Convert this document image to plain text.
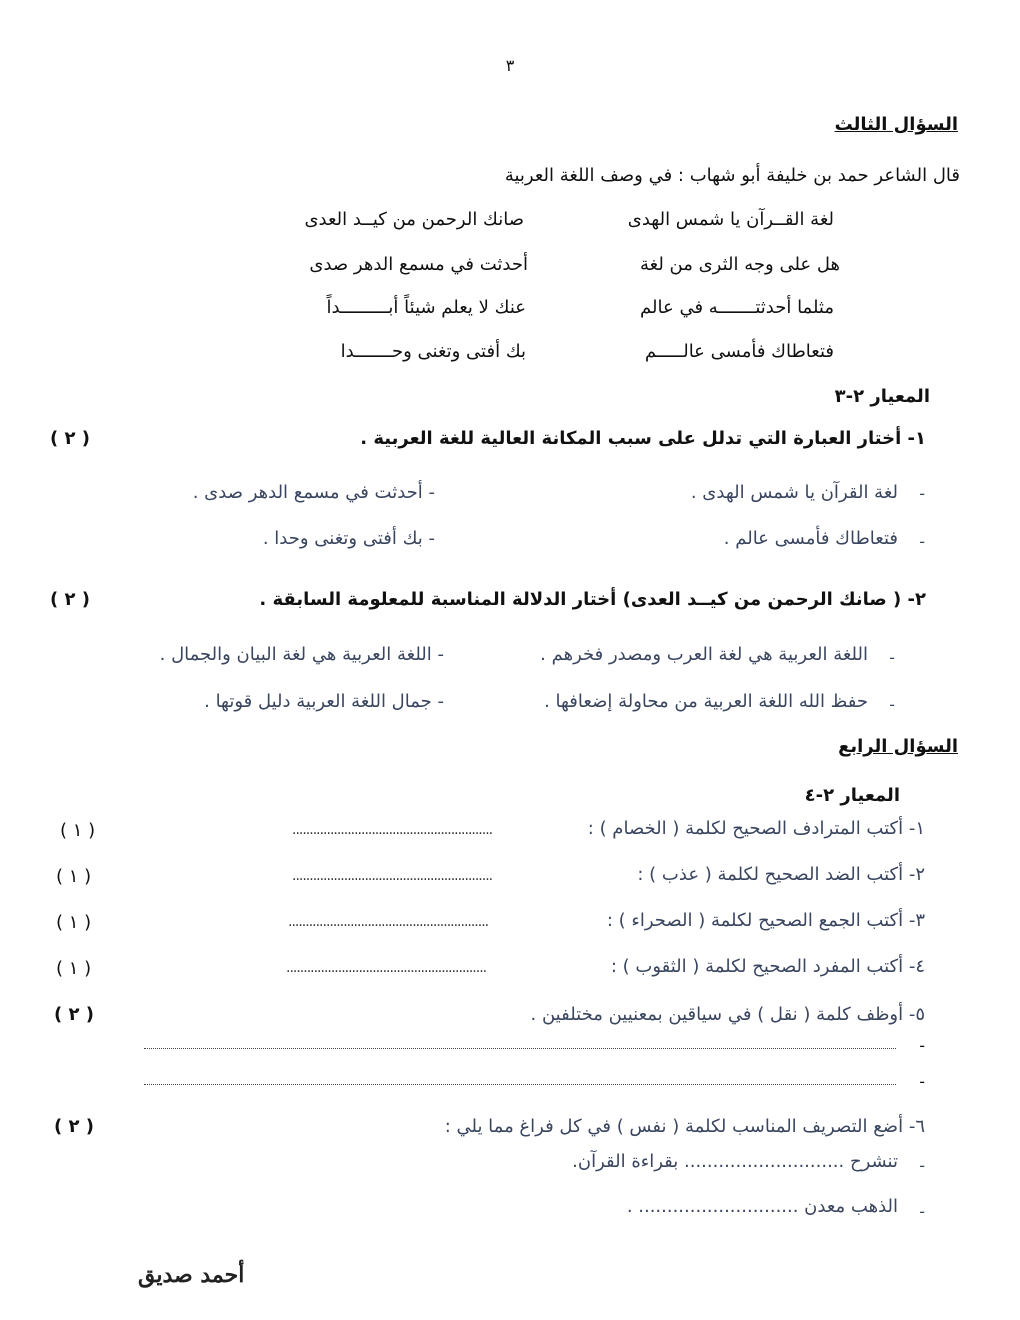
٣
السؤال الثالث
قال الشاعر حمد بن خليفة أبو شهاب : في وصف اللغة العربية
لغة القــرآن يا شمس الهدى
صانك الرحمن من كيــد العدى
هل على وجه الثرى من لغة
أحدثت في مسمع الدهر صدى
مثلما أحدثتـــــــه في عالم
عنك لا يعلم شيئاً أبـــــــــداً
فتعاطاك فأمسى عالـــــم
بك أفتى وتغنى وحـــــــدا
المعيار ٢-٣
١- أختار العبارة التي تدلل على سبب المكانة العالية للغة العربية .
( ٢ )
-
لغة القرآن يا شمس الهدى .
- أحدثت في مسمع الدهر صدى .
-
فتعاطاك فأمسى عالم .
- بك أفتى وتغنى وحدا .
٢- ( صانك الرحمن من كيــد العدى) أختار الدلالة المناسبة للمعلومة السابقة .
( ٢ )
-
اللغة العربية هي لغة العرب ومصدر فخرهم .
- اللغة العربية هي لغة البيان والجمال .
-
حفظ الله اللغة العربية من محاولة إضعافها .
- جمال اللغة العربية دليل قوتها .
السؤال الرابع
المعيار ٢-٤
١- أكتب المترادف الصحيح لكلمة ( الخصام ) :
..........................................................
( ١ )
٢- أكتب الضد الصحيح لكلمة ( عذب ) :
..........................................................
( ١ )
٣- أكتب الجمع الصحيح لكلمة ( الصحراء ) :
..........................................................
( ١ )
٤- أكتب المفرد الصحيح لكلمة ( الثقوب ) :
..........................................................
( ١ )
٥- أوظف كلمة ( نقل ) في سياقين بمعنيين مختلفين .
( ٢ )
-
-
٦- أضع التصريف المناسب لكلمة ( نفس ) في كل فراغ مما يلي :
( ٢ )
-
تنشرح ............................ بقراءة القرآن.
-
الذهب معدن ............................ .
أحمد صديق
